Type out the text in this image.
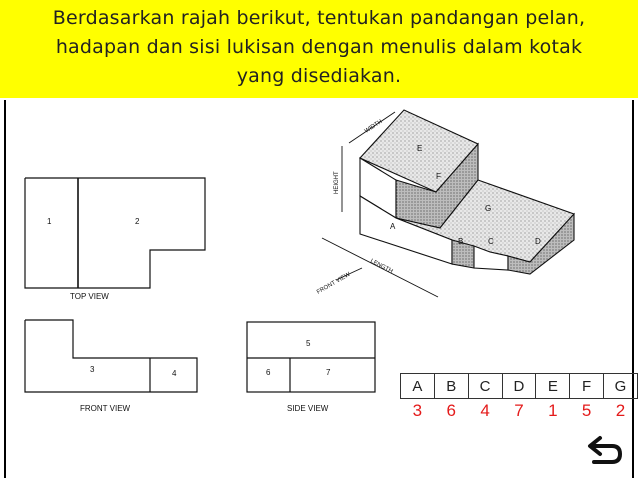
Berdasarkan rajah berikut, tentukan pandangan pelan,
hadapan dan sisi lukisan dengan menulis dalam kotak
yang disediakan.
1	2
TOP VIEW
3	4
FRONT VIEW
5
6	7
SIDE VIEW
E
F
G
A
B	C	D
HEIGHT
WIDTH
LENGTH
FRONT VIEW
A	B	C	D	E	F	G
3	6	4	7	1	5	2
